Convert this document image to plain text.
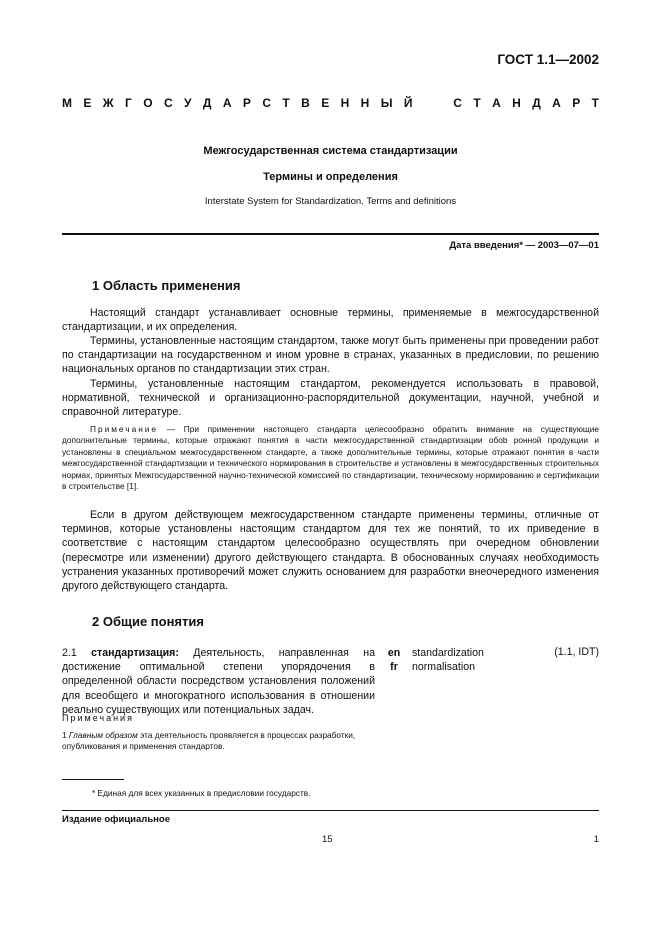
ГОСТ 1.1—2002
М Е Ж Г О С У Д А Р С Т В Е Н Н Ы Й	С Т А Н Д А Р Т
Межгосударственная система стандартизации
Термины и определения
Interstate System for Standardization. Terms and definitions
Дата введения* — 2003—07—01
1 Область применения

Настоящий стандарт устанавливает основные термины, применяемые в межгосударственной стандартизации, и их определения.

Термины, установленные настоящим стандартом, также могут быть применены при проведении работ по стандартизации на государственном и ином уровне в странах, указанных в предисловии, по решению национальных органов по стандартизации этих стран.

Термины, установленные настоящим стандартом, рекомендуется использовать в правовой, нормативной, технической и организационно-распорядительной документации, научной, учебной и справочной литературе.

Примечание — При применении настоящего стандарта целесообразно обратить внимание на существующие дополнительные термины, которые отражают понятия в части межгосударственной стандартизации обоb ронной продукции и установлены в специальном межгосударственном стандарте, а также дополнительные термины, которые отражают понятия в части межгосударственной стандартизации и технического нормирования в строительстве и установлены в межгосударственных строительных нормах, принятых Межгосударственной научно-технической комиссией по стандартизации, техническому нормированию и сертификации в строительстве [1].

Если в другом действующем межгосударственном стандарте применены термины, отличные от терминов, которые установлены настоящим стандартом для тех же понятий, то их приведение в соответствие с настоящим стандартом целесообразно осуществлять при очередном обновлении (пересмотре или изменении) другого действующего стандарта. В обоснованных случаях необходимость устранения указанных противоречий может служить основанием для разработки внеочередного изменения другого действующего стандарта.

2 Общие понятия

2.1 стандартизация: Деятельность, направленная на достижение оптимальной степени упорядочения в определенной области посредством установления положений для всеобщего и многократного использования в отношении реально существующих или потенциальных задач.

Примечания

1 Главным образом эта деятельность проявляется в процессах разработки, опубликования и применения стандартов.

en
fr
standardization
normalisation
(1.1, IDT)
* Единая для всех указанных в предисловии государств.
Издание официальное
15	1
